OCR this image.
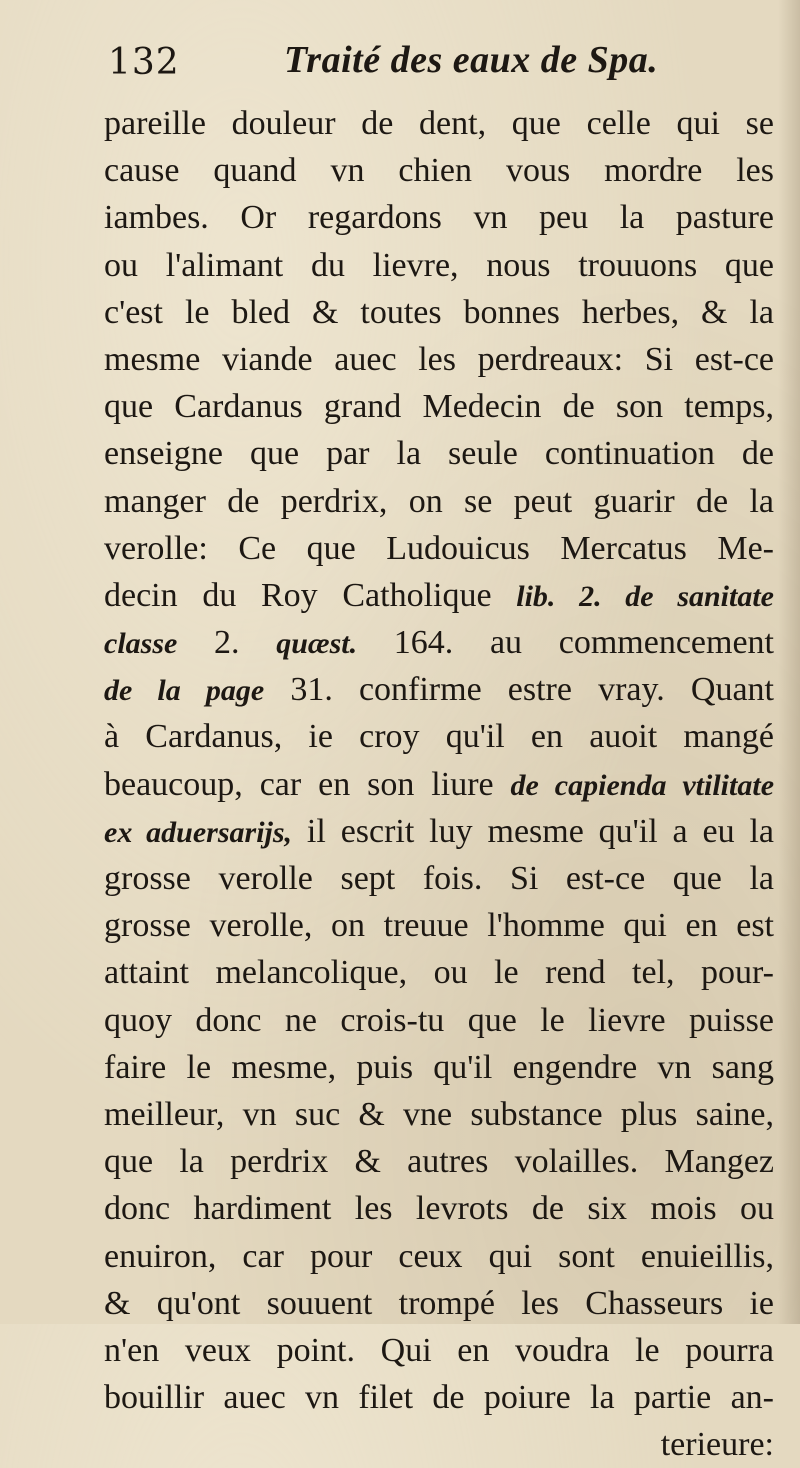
132	Traité des eaux de Spa.
pareille douleur de dent, que celle qui se
cause quand vn chien vous mordre les
iambes. Or regardons vn peu la pasture
ou l'alimant du lievre, nous trouuons que
c'est le bled & toutes bonnes herbes, & la
mesme viande auec les perdreaux: Si est-ce
que Cardanus grand Medecin de son temps,
enseigne que par la seule continuation de
manger de perdrix, on se peut guarir de la
verolle: Ce que Ludouicus Mercatus Me-
decin du Roy Catholique lib. 2. de sanitate
classe 2. quæst. 164. au commencement
de la page 31. confirme estre vray. Quant
à Cardanus, ie croy qu'il en auoit mangé
beaucoup, car en son liure de capienda vtilitate
ex aduersarijs, il escrit luy mesme qu'il a eu la
grosse verolle sept fois. Si est-ce que la
grosse verolle, on treuue l'homme qui en est
attaint melancolique, ou le rend tel, pour-
quoy donc ne crois-tu que le lievre puisse
faire le mesme, puis qu'il engendre vn sang
meilleur, vn suc & vne substance plus saine,
que la perdrix & autres volailles. Mangez
donc hardiment les levrots de six mois ou
enuiron, car pour ceux qui sont enuieillis,
& qu'ont souuent trompé les Chasseurs ie
n'en veux point. Qui en voudra le pourra
bouillir auec vn filet de poiure la partie an-
terieure:
